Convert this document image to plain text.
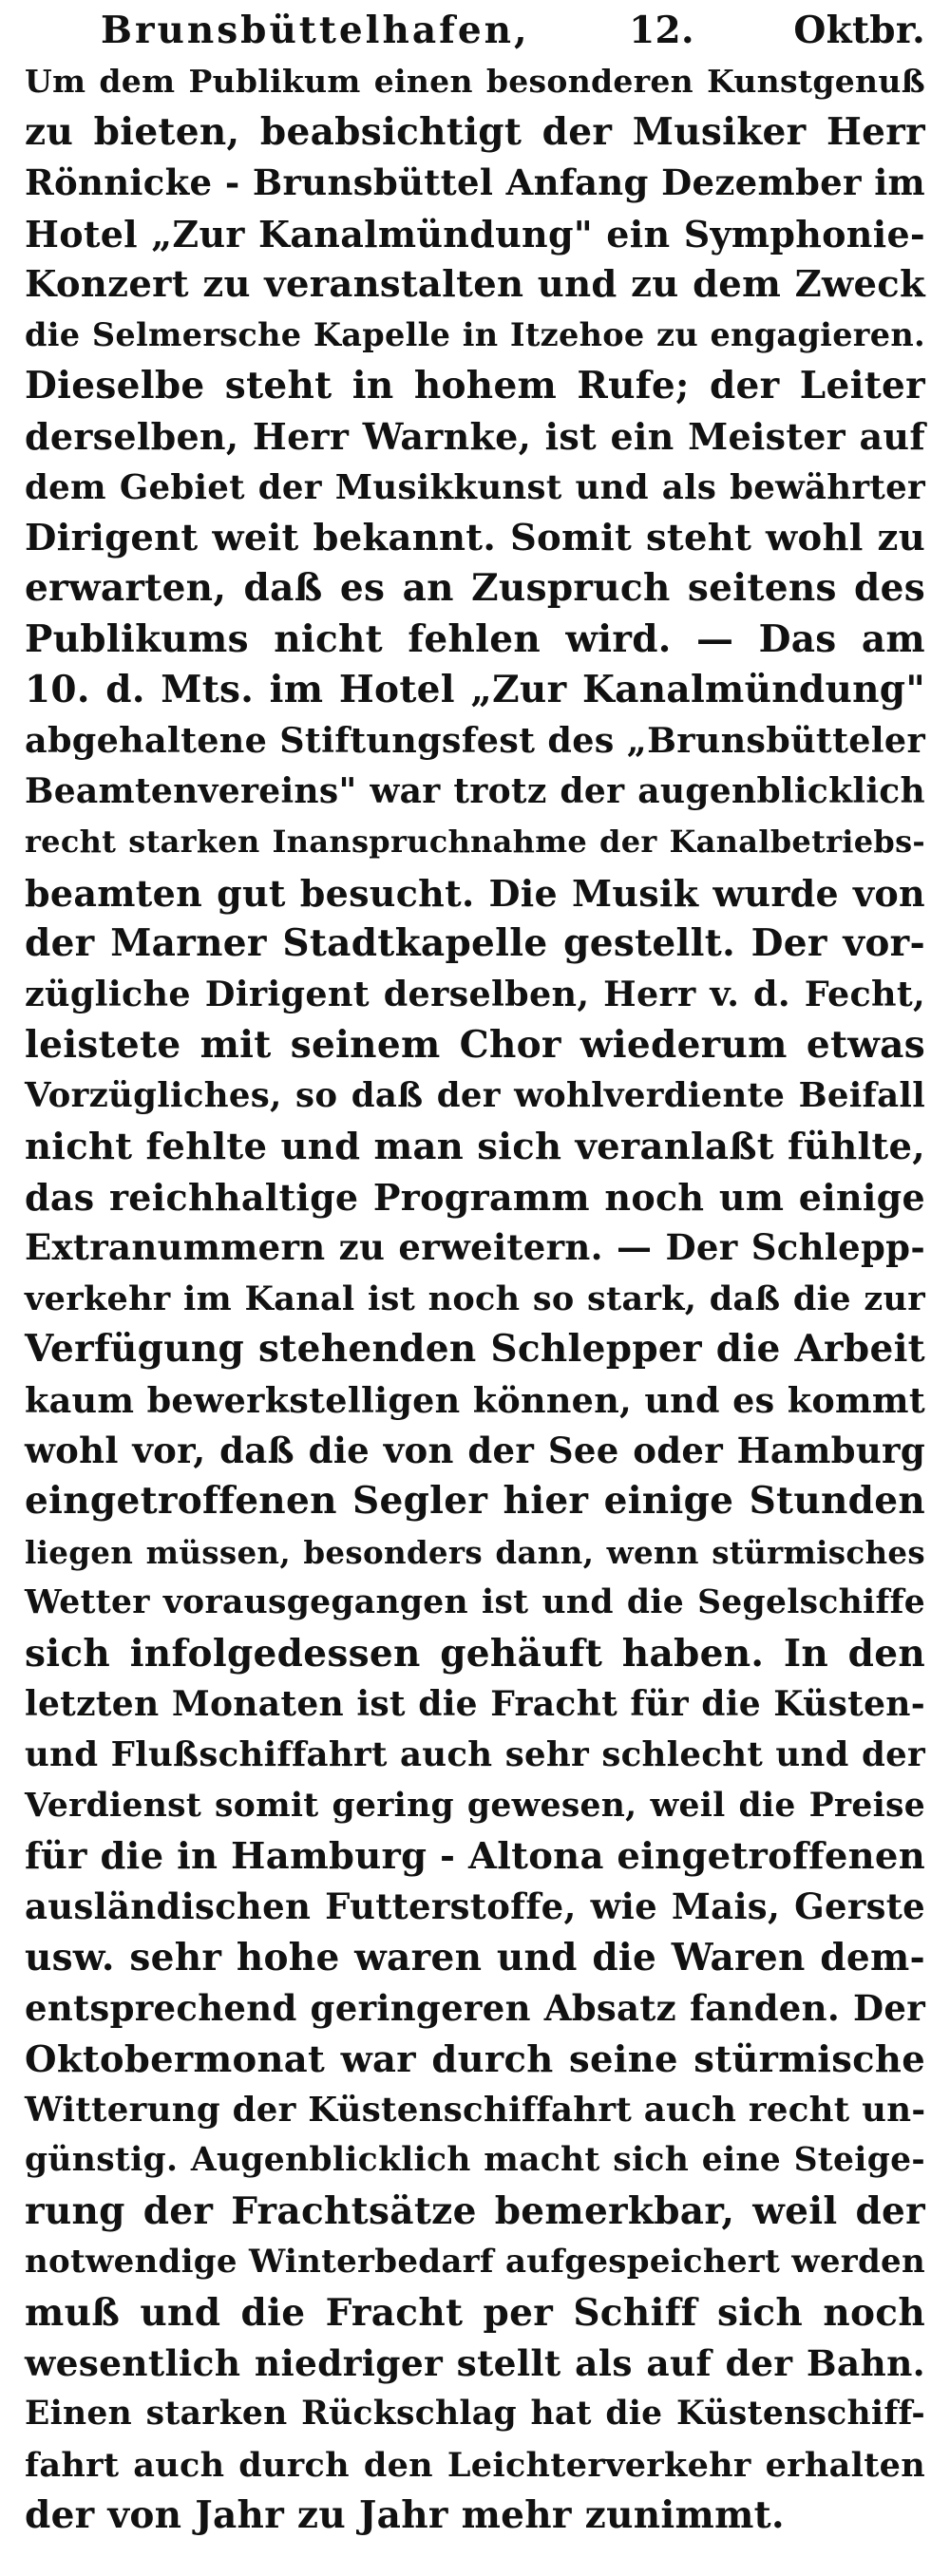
Brunsbüttelhafen,	12. Oktbr.
Um dem Publikum einen besonderen Kunstgenuß
zu bieten, beabsichtigt der Musiker Herr
Rönnicke - Brunsbüttel Anfang Dezember im
Hotel „Zur Kanalmündung" ein Symphonie-
Konzert zu veranstalten und zu dem Zweck
die Selmersche Kapelle in Itzehoe zu engagieren.
Dieselbe steht in hohem Rufe; der Leiter
derselben, Herr Warnke, ist ein Meister auf
dem Gebiet der Musikkunst und als bewährter
Dirigent weit bekannt. Somit steht wohl zu
erwarten, daß es an Zuspruch seitens des
Publikums nicht fehlen wird. — Das am
10. d. Mts. im Hotel „Zur Kanalmündung"
abgehaltene Stiftungsfest des „Brunsbütteler
Beamtenvereins" war trotz der augenblicklich
recht starken Inanspruchnahme der Kanalbetriebs-
beamten gut besucht. Die Musik wurde von
der Marner Stadtkapelle gestellt. Der vor-
zügliche Dirigent derselben, Herr v. d. Fecht,
leistete mit seinem Chor wiederum etwas
Vorzügliches, so daß der wohlverdiente Beifall
nicht fehlte und man sich veranlaßt fühlte,
das reichhaltige Programm noch um einige
Extranummern zu erweitern. — Der Schlepp-
verkehr im Kanal ist noch so stark, daß die zur
Verfügung stehenden Schlepper die Arbeit
kaum bewerkstelligen können, und es kommt
wohl vor, daß die von der See oder Hamburg
eingetroffenen Segler hier einige Stunden
liegen müssen, besonders dann, wenn stürmisches
Wetter vorausgegangen ist und die Segelschiffe
sich infolgedessen gehäuft haben. In den
letzten Monaten ist die Fracht für die Küsten-
und Flußschiffahrt auch sehr schlecht und der
Verdienst somit gering gewesen, weil die Preise
für die in Hamburg - Altona eingetroffenen
ausländischen Futterstoffe, wie Mais, Gerste
usw. sehr hohe waren und die Waren dem-
entsprechend geringeren Absatz fanden. Der
Oktobermonat war durch seine stürmische
Witterung der Küstenschiffahrt auch recht un-
günstig. Augenblicklich macht sich eine Steige-
rung der Frachtsätze bemerkbar, weil der
notwendige Winterbedarf aufgespeichert werden
muß und die Fracht per Schiff sich noch
wesentlich niedriger stellt als auf der Bahn.
Einen starken Rückschlag hat die Küstenschiff-
fahrt auch durch den Leichterverkehr erhalten
der von Jahr zu Jahr mehr zunimmt.
